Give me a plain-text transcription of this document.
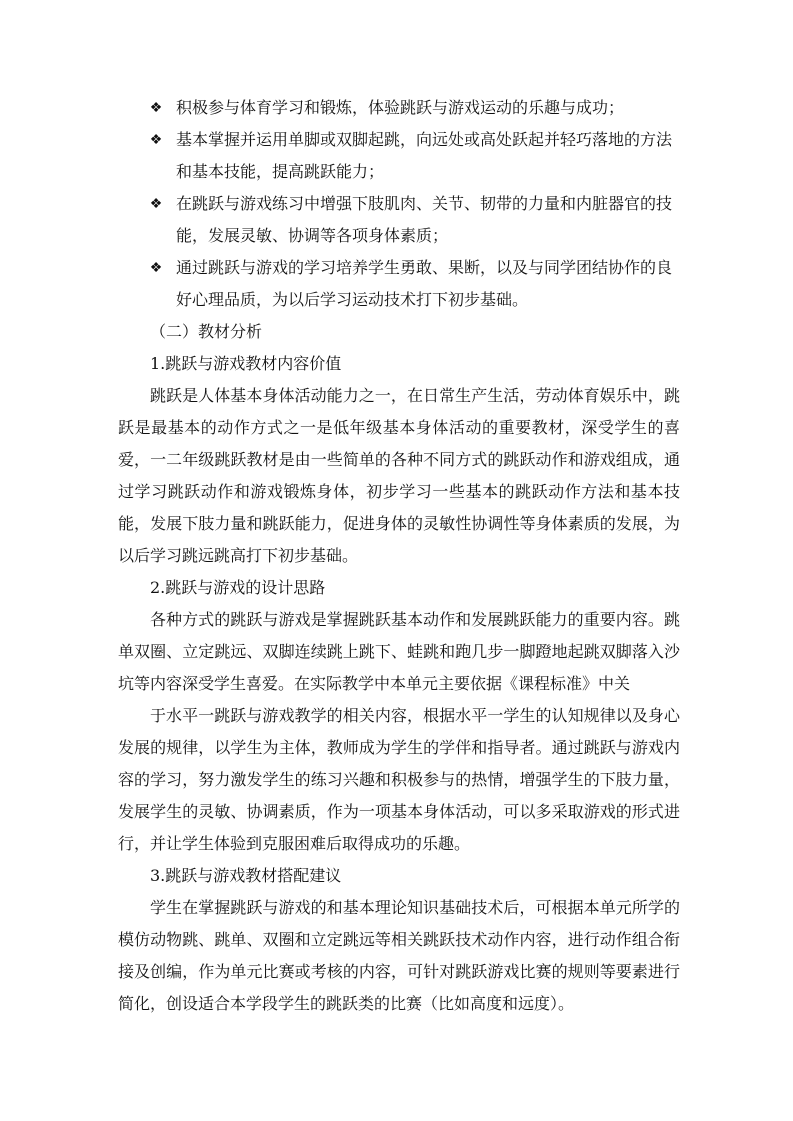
❖ 积极参与体育学习和锻炼，体验跳跃与游戏运动的乐趣与成功；
❖ 基本掌握并运用单脚或双脚起跳，向远处或高处跃起并轻巧落地的方法和基本技能，提高跳跃能力；
❖ 在跳跃与游戏练习中增强下肢肌肉、关节、韧带的力量和内脏器官的技能，发展灵敏、协调等各项身体素质；
❖ 通过跳跃与游戏的学习培养学生勇敢、果断，以及与同学团结协作的良好心理品质，为以后学习运动技术打下初步基础。

（二）教材分析

1.跳跃与游戏教材内容价值

跳跃是人体基本身体活动能力之一，在日常生产生活，劳动体育娱乐中，跳跃是最基本的动作方式之一是低年级基本身体活动的重要教材，深受学生的喜爱，一二年级跳跃教材是由一些简单的各种不同方式的跳跃动作和游戏组成，通过学习跳跃动作和游戏锻炼身体，初步学习一些基本的跳跃动作方法和基本技能，发展下肢力量和跳跃能力，促进身体的灵敏性协调性等身体素质的发展，为以后学习跳远跳高打下初步基础。

2.跳跃与游戏的设计思路

各种方式的跳跃与游戏是掌握跳跃基本动作和发展跳跃能力的重要内容。跳单双圈、立定跳远、双脚连续跳上跳下、蛙跳和跑几步一脚蹬地起跳双脚落入沙坑等内容深受学生喜爱。在实际教学中本单元主要依据《课程标准》中关

于水平一跳跃与游戏教学的相关内容，根据水平一学生的认知规律以及身心发展的规律，以学生为主体，教师成为学生的学伴和指导者。通过跳跃与游戏内容的学习，努力激发学生的练习兴趣和积极参与的热情，增强学生的下肢力量，发展学生的灵敏、协调素质，作为一项基本身体活动，可以多采取游戏的形式进行，并让学生体验到克服困难后取得成功的乐趣。

3.跳跃与游戏教材搭配建议

学生在掌握跳跃与游戏的和基本理论知识基础技术后，可根据本单元所学的模仿动物跳、跳单、双圈和立定跳远等相关跳跃技术动作内容，进行动作组合衔接及创编，作为单元比赛或考核的内容，可针对跳跃游戏比赛的规则等要素进行简化，创设适合本学段学生的跳跃类的比赛（比如高度和远度）。
